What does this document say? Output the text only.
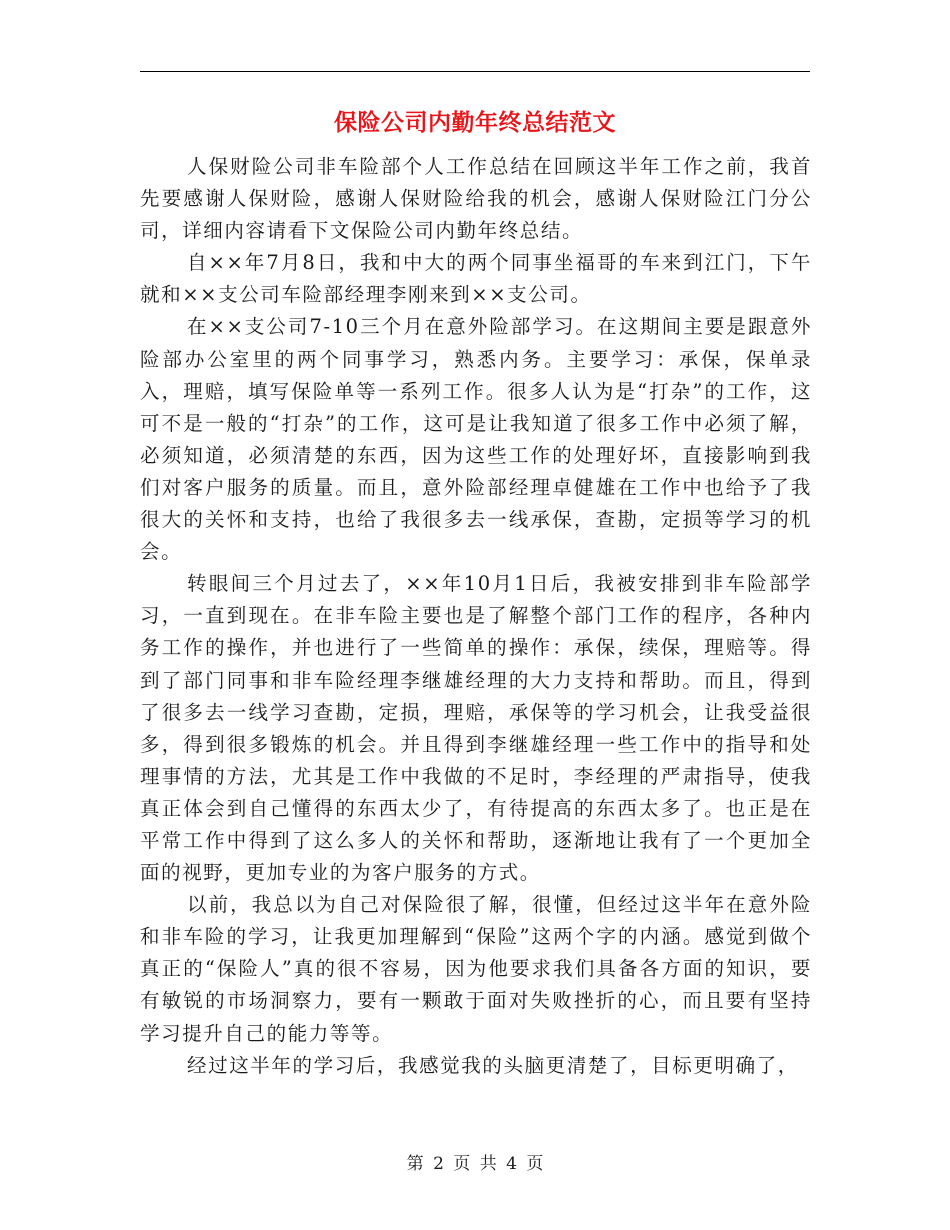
保险公司内勤年终总结范文

人保财险公司非车险部个人工作总结在回顾这半年工作之前，我首先要感谢人保财险，感谢人保财险给我的机会，感谢人保财险江门分公司，详细内容请看下文保险公司内勤年终总结。

自××年7月8日，我和中大的两个同事坐福哥的车来到江门，下午就和××支公司车险部经理李刚来到××支公司。

在××支公司7-10三个月在意外险部学习。在这期间主要是跟意外险部办公室里的两个同事学习，熟悉内务。主要学习：承保，保单录入，理赔，填写保险单等一系列工作。很多人认为是“打杂”的工作，这可不是一般的“打杂”的工作，这可是让我知道了很多工作中必须了解，必须知道，必须清楚的东西，因为这些工作的处理好坏，直接影响到我们对客户服务的质量。而且，意外险部经理卓健雄在工作中也给予了我很大的关怀和支持，也给了我很多去一线承保，查勘，定损等学习的机会。

转眼间三个月过去了，××年10月1日后，我被安排到非车险部学习，一直到现在。在非车险主要也是了解整个部门工作的程序，各种内务工作的操作，并也进行了一些简单的操作：承保，续保，理赔等。得到了部门同事和非车险经理李继雄经理的大力支持和帮助。而且，得到了很多去一线学习查勘，定损，理赔，承保等的学习机会，让我受益很多，得到很多锻炼的机会。并且得到李继雄经理一些工作中的指导和处理事情的方法，尤其是工作中我做的不足时，李经理的严肃指导，使我真正体会到自己懂得的东西太少了，有待提高的东西太多了。也正是在平常工作中得到了这么多人的关怀和帮助，逐渐地让我有了一个更加全面的视野，更加专业的为客户服务的方式。

以前，我总以为自己对保险很了解，很懂，但经过这半年在意外险和非车险的学习，让我更加理解到“保险”这两个字的内涵。感觉到做个真正的“保险人”真的很不容易，因为他要求我们具备各方面的知识，要有敏锐的市场洞察力，要有一颗敢于面对失败挫折的心，而且要有坚持学习提升自己的能力等等。

经过这半年的学习后，我感觉我的头脑更清楚了，目标更明确了，

第 2 页 共 4 页
